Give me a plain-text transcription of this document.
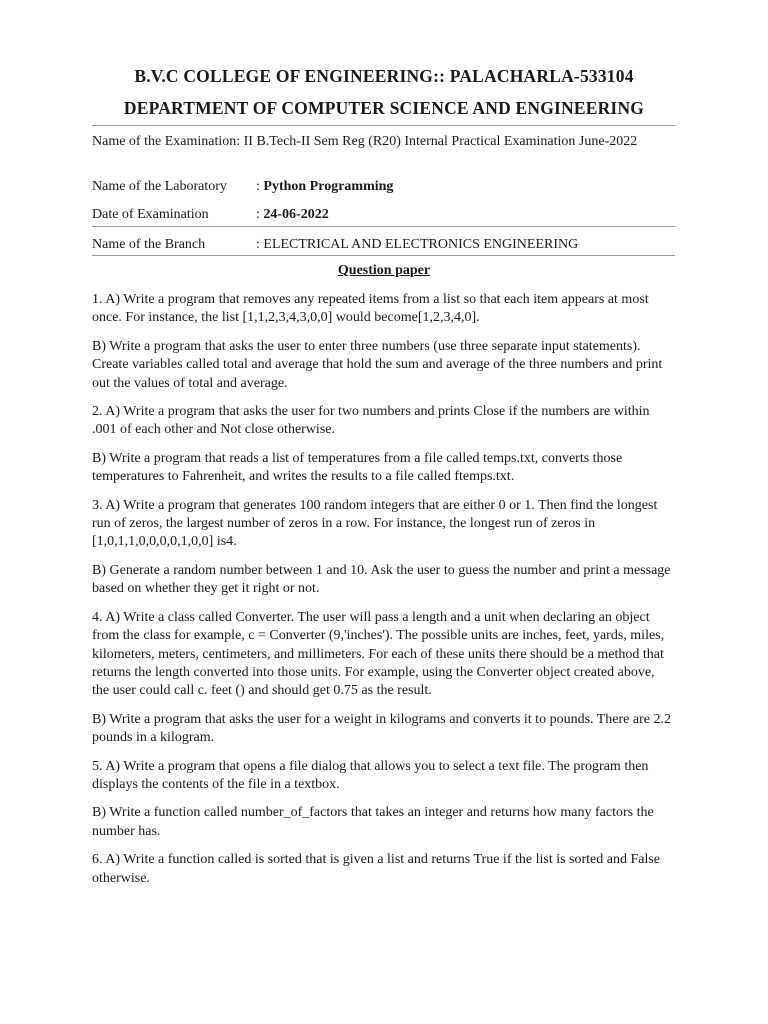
B.V.C COLLEGE OF ENGINEERING:: PALACHARLA-533104
DEPARTMENT OF COMPUTER SCIENCE AND ENGINEERING
Name of the Examination: II B.Tech-II Sem Reg (R20) Internal Practical Examination June-2022
Name of the Laboratory : Python Programming
Date of Examination	: 24-06-2022
Name of the Branch	: ELECTRICAL AND ELECTRONICS ENGINEERING
Question paper

1. A) Write a program that removes any repeated items from a list so that each item appears at most once. For instance, the list [1,1,2,3,4,3,0,0] would become[1,2,3,4,0].

B) Write a program that asks the user to enter three numbers (use three separate input statements). Create variables called total and average that hold the sum and average of the three numbers and print out the values of total and average.

2. A) Write a program that asks the user for two numbers and prints Close if the numbers are within .001 of each other and Not close otherwise.

B) Write a program that reads a list of temperatures from a file called temps.txt, converts those temperatures to Fahrenheit, and writes the results to a file called ftemps.txt.

3. A) Write a program that generates 100 random integers that are either 0 or 1. Then find the longest run of zeros, the largest number of zeros in a row. For instance, the longest run of zeros in [1,0,1,1,0,0,0,0,1,0,0] is4.

B) Generate a random number between 1 and 10. Ask the user to guess the number and print a message based on whether they get it right or not.

4. A) Write a class called Converter. The user will pass a length and a unit when declaring an object from the class for example, c = Converter (9,'inches'). The possible units are inches, feet, yards, miles, kilometers, meters, centimeters, and millimeters. For each of these units there should be a method that returns the length converted into those units. For example, using the Converter object created above, the user could call c. feet () and should get 0.75 as the result.

B) Write a program that asks the user for a weight in kilograms and converts it to pounds. There are 2.2 pounds in a kilogram.

5. A) Write a program that opens a file dialog that allows you to select a text file. The program then displays the contents of the file in a textbox.

B) Write a function called number_of_factors that takes an integer and returns how many factors the number has.

6. A) Write a function called is sorted that is given a list and returns True if the list is sorted and False otherwise.
